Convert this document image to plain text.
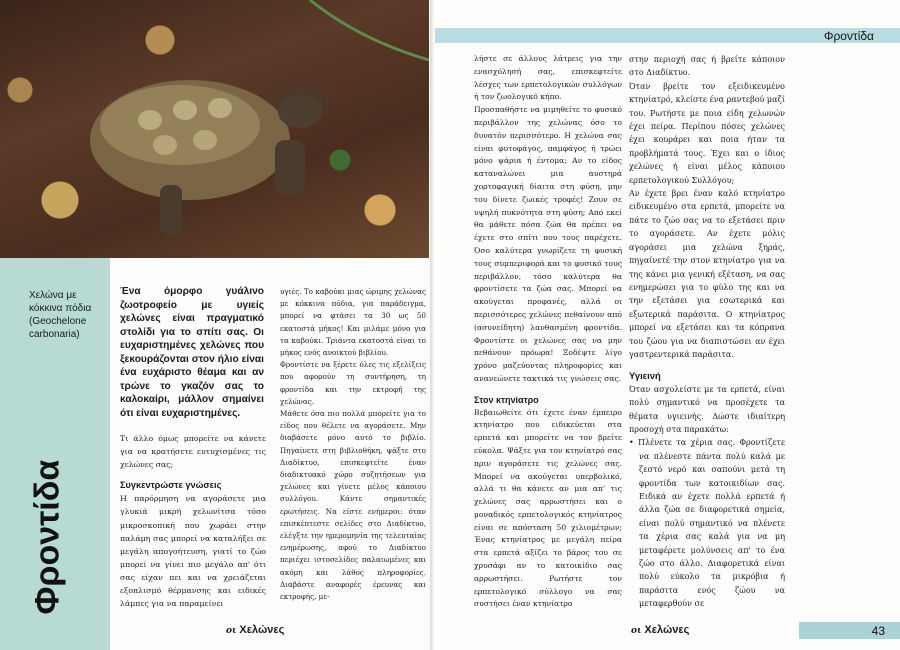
Χελώνα με κόκκινα πόδια (Geochelone carbonaria)
Φροντίδα
Ένα όμορφο γυάλινο ζωοτροφείο με υγιείς χελώνες είναι πραγματικό στολίδι για το σπίτι σας. Οι ευχαριστημένες χελώνες που ξεκουράζονται στον ήλιο είναι ένα ευχάριστο θέαμα και αν τρώνε το γκαζόν σας το καλοκαίρι, μάλλον σημαίνει ότι είναι ευχαριστημένες.

Τι άλλο όμως μπορείτε να κάνετε για να κρατήσετε ευτυχισμένες τις χελώνες σας;

Συγκεντρώστε γνώσεις

Η παρόρμηση να αγοράσετε μια γλυκιά μικρή χελωνίτσα τόσο μικροσκοπική που χωράει στην παλάμη σας μπορεί να καταλήξει σε μεγάλη απογοήτευση, γιατί το ζώο μπορεί να γίνει πιο μεγάλο απ' ότι σας είχαν πει και να χρειάζεται εξοπλισμό θέρμανσης και ειδικές λάμπες για να παραμείνει

υγιές. Το καβούκι μιας ώριμης χελώνας με κόκκινα πόδια, για παράδειγμα, μπορεί να φτάσει τα 30 ως 50 εκατοστά μήκος! Και μιλάμε μόνο για τα καβούκι. Τριάντα εκατοστά είναι το μήκος ενός ανοικτού βιβλίου.

Φροντίστε να ξέρετε όλες τις εξελίξεις που αφορούν τη συντήρηση, τη φροντίδα και την εκτροφή της χελώνας.

Μάθετε όσα πιο πολλά μπορείτε για το είδος που θέλετε να αγοράσετε. Μην διαβάσετε μόνο αυτό το βιβλίο. Πηγαίνετε στη βιβλιοθήκη, ψάξτε στο Διαδίκτυο, επισκεφτείτε έναν διαδικτυακό χώρο συζητήσεων για χελώνες και γίνετε μέλος κάποιου συλλόγου. Κάντε σημαντικές ερωτήσεις. Να είστε ενήμεροι: όταν επισκέπτεστε σελίδες στο Διαδίκτυο, ελέγξτε την ημερομηνία της τελευταίας ενημέρωσης, αφού το Διαδίκτυο περιέχει ιστοσελίδες παλαιωμένες και ακόμη και λάθος πληροφορίες. Διαβάστε αναφορές έρευνας και εκτροφής, με-

οι Χελώνες
Φροντίδα

λήστε σε άλλους λάτρεις για την ενασχόλησή σας, επισκεφτείτε λέσχες των ερπετολογικών συλλόγων ή τον ζωολογικό κήπο.

Προσπαθήστε να μιμηθείτε το φυσικό περιβάλλον της χελώνας όσο το δυνατόν περισσότερο. Η χελώνα σας είναι φυτοφάγος, παμφάγος ή τρώει μόνο ψάρια ή έντομα; Αν το είδος καταναλώνει μια αυστηρά χορτοφαγική δίαιτα στη φύση, μην του δίνετε ζωικές τροφές! Ζουν σε υψηλή πυκνότητα στη φύση; Από εκεί θα μάθετε πόσα ζώα θα πρέπει να έχετε στο σπίτι που τους παρέχετε. Όσο καλύτερα γνωρίζετε τη φυσική τους συμπεριφορά και το φυσικό τους περιβάλλον, τόσο καλύτερα θα φροντίσετε τα ζώα σας. Μπορεί να ακούγεται προφανές, αλλά οι περισσότερες χελώνες πεθαίνουν από (ασυνείδητη) λανθασμένη φροντίδα. Φροντίστε οι χελώνες σας να μην πεθάνουν πρόωρα! Ξοδέψτε λίγο χρόνο μαζεύοντας πληροφορίες και ανανεώνετε τακτικά τις γνώσεις σας.

Στον κτηνίατρο

Βεβαιωθείτε ότι έχετε έναν έμπειρο κτηνίατρο που ειδικεύεται στα ερπετά και μπορείτε να τον βρείτε εύκολα. Ψάξτε για τον κτηνίατρό σας πριν αγοράσετε τις χελώνες σας. Μπορεί να ακούγεται υπερβολικό, αλλά τι θα κάνετε αν μια απ' τις χελώνες σας αρρωστήσει και ο μοναδικός ερπετολογικός κτηνίατρος είναι σε απόσταση 50 χιλιομέτρων; Ένας κτηνίατρος με μεγάλη πείρα στα ερπετά αξίζει το βάρος του σε χρυσάφι αν το κατοικίδιο σας αρρωστήσει. Ρωτήστε τον ερπετολογικό σύλλογο να σας συστήσει έναν κτηνίατρο

στην περιοχή σας ή βρείτε κάποιον στο Διαδίκτυο.

Όταν βρείτε τον εξειδικευμένο κτηνίατρό, κλείστε ένα ραντεβού μαζί του. Ρωτήστε με ποια είδη χελωνών έχει πείρα. Περίπου πόσες χελώνες έχει κουράρει και ποια ήταν τα προβλήματά τους. Έχει και ο ίδιος χελώνες ή είναι μέλος κάποιου ερπετολογικού Συλλόγου;

Αν έχετε βρει έναν καλό κτηνίατρο ειδικευμένο στα ερπετά, μπορείτε να πάτε το ζώο σας να το εξετάσει πριν το αγοράσετε. Αν έχετε μόλις αγοράσει μια χελώνα ξηράς, πηγαίνετέ την στον κτηνίατρο για να της κάνει μια γενική εξέταση, να σας ενημερώσει για το φύλο της και να την εξετάσει για εσωτερικά και εξωτερικά παράσιτα. Ο κτηνίατρος μπορεί να εξετάσει και τα κόπρανα του ζώου για να διαπιστώσει αν έχει γαστρεντερικά παράσιτα.

Υγιεινή

Όταν ασχολείστε με τα ερπετά, είναι πολύ σημαντικό να προσέχετε τα θέματα υγιεινής. Δώστε ιδιαίτερη προσοχή στα παρακάτω:

• Πλένετε τα χέρια σας. Φροντίζετε να πλένεστε πάντα πολύ καλά με ζεστό νερό και σαπούνι μετά τη φροντίδα των κατοικιδίων σας. Ειδικά αν έχετε πολλά ερπετά ή άλλα ζώα σε διαφορετικά σημεία, είναι πολύ σημαντικό να πλένετε τα χέρια σας καλά για να μη μεταφέρετε μολύνσεις απ' το ένα ζώο στο άλλο. Διαφορετικά είναι πολύ εύκολο τα μικρόβια ή παράσιτα ενός ζώου να μεταφερθούν σε

οι Χελώνες	43
